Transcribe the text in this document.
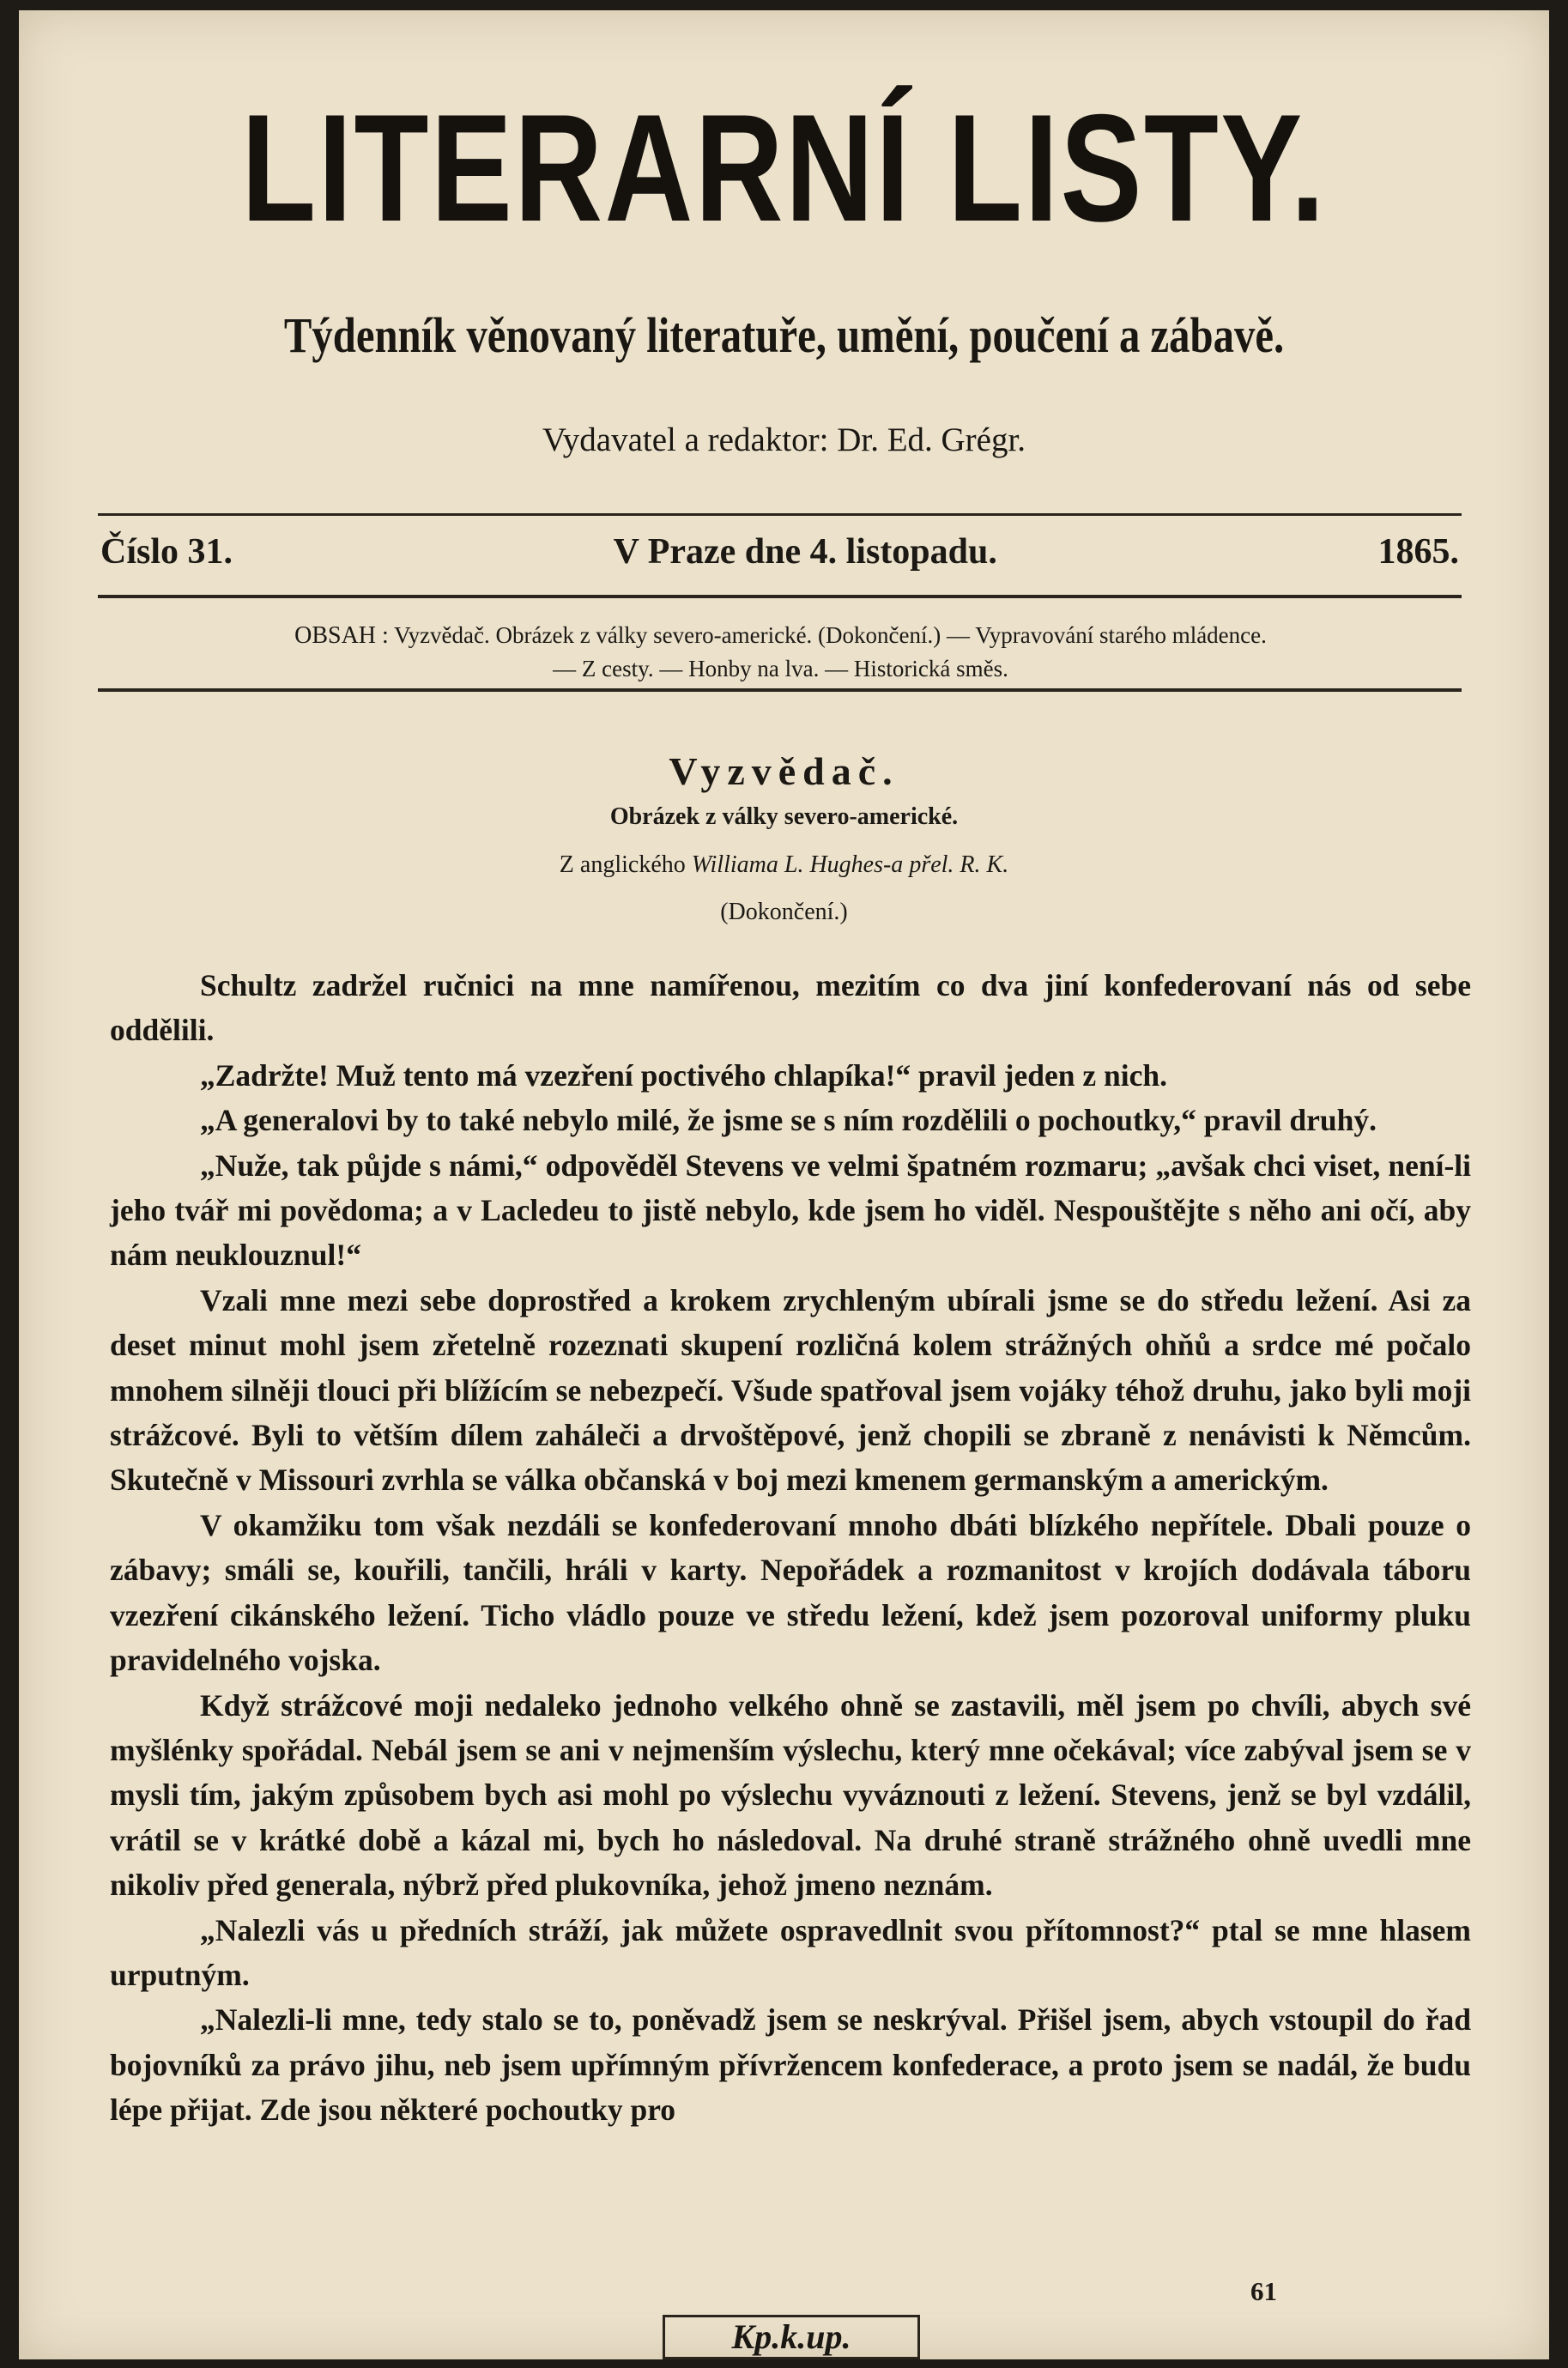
LITERARNÍ LISTY.
Týdenník věnovaný literatuře, umění, poučení a zábavě.
Vydavatel a redaktor: Dr. Ed. Grégr.
Číslo 31.	V Praze dne 4. listopadu.	1865.
OBSAH : Vyzvědač. Obrázek z války severo-americké. (Dokončení.) — Vypravování starého mládence.
— Z cesty. — Honby na lva. — Historická směs.
Vyzvědač.
Obrázek z války severo-americké.
Z anglického Williama L. Hughes-a přel. R. K.
(Dokončení.)

Schultz zadržel ručnici na mne namířenou, mezitím co dva jiní konfederovaní nás od sebe oddělili.

„Zadržte! Muž tento má vzezření poctivého chlapíka!“ pravil jeden z nich.

„A generalovi by to také nebylo milé, že jsme se s ním rozdělili o pochoutky,“ pravil druhý.

„Nuže, tak půjde s námi,“ odpověděl Stevens ve velmi špatném rozmaru; „avšak chci viset, není-li jeho tvář mi povědoma; a v Lacledeu to jistě nebylo, kde jsem ho viděl. Nespouštějte s něho ani očí, aby nám neuklouznul!“

Vzali mne mezi sebe doprostřed a krokem zrychleným ubírali jsme se do středu ležení. Asi za deset minut mohl jsem zřetelně rozeznati skupení rozličná kolem strážných ohňů a srdce mé počalo mnohem silněji tlouci při blížícím se nebezpečí. Všude spatřoval jsem vojáky téhož druhu, jako byli moji strážcové. Byli to větším dílem zaháleči a drvoštěpové, jenž chopili se zbraně z nenávisti k Němcům. Skutečně v Missouri zvrhla se válka občanská v boj mezi kmenem germanským a americkým.

V okamžiku tom však nezdáli se konfederovaní mnoho dbáti blízkého nepřítele. Dbali pouze o zábavy; smáli se, kouřili, tančili, hráli v karty. Nepořádek a rozmanitost v krojích dodávala táboru vzezření cikánského ležení. Ticho vládlo pouze ve středu ležení, kdež jsem pozoroval uniformy pluku pravidelného vojska.

Když strážcové moji nedaleko jednoho velkého ohně se zastavili, měl jsem po chvíli, abych své myšlénky spořádal. Nebál jsem se ani v nejmenším výslechu, který mne očekával; více zabýval jsem se v mysli tím, jakým způsobem bych asi mohl po výslechu vyváznouti z ležení. Stevens, jenž se byl vzdálil, vrátil se v krátké době a kázal mi, bych ho následoval. Na druhé straně strážného ohně uvedli mne nikoliv před generala, nýbrž před plukovníka, jehož jmeno neznám.

„Nalezli vás u předních stráží, jak můžete ospravedlnit svou přítomnost?“ ptal se mne hlasem urputným.

„Nalezli-li mne, tedy stalo se to, poněvadž jsem se neskrýval. Přišel jsem, abych vstoupil do řad bojovníků za právo jihu, neb jsem upřímným přívržencem konfederace, a proto jsem se nadál, že budu lépe přijat. Zde jsou některé pochoutky pro

61
Kp.k.up.
